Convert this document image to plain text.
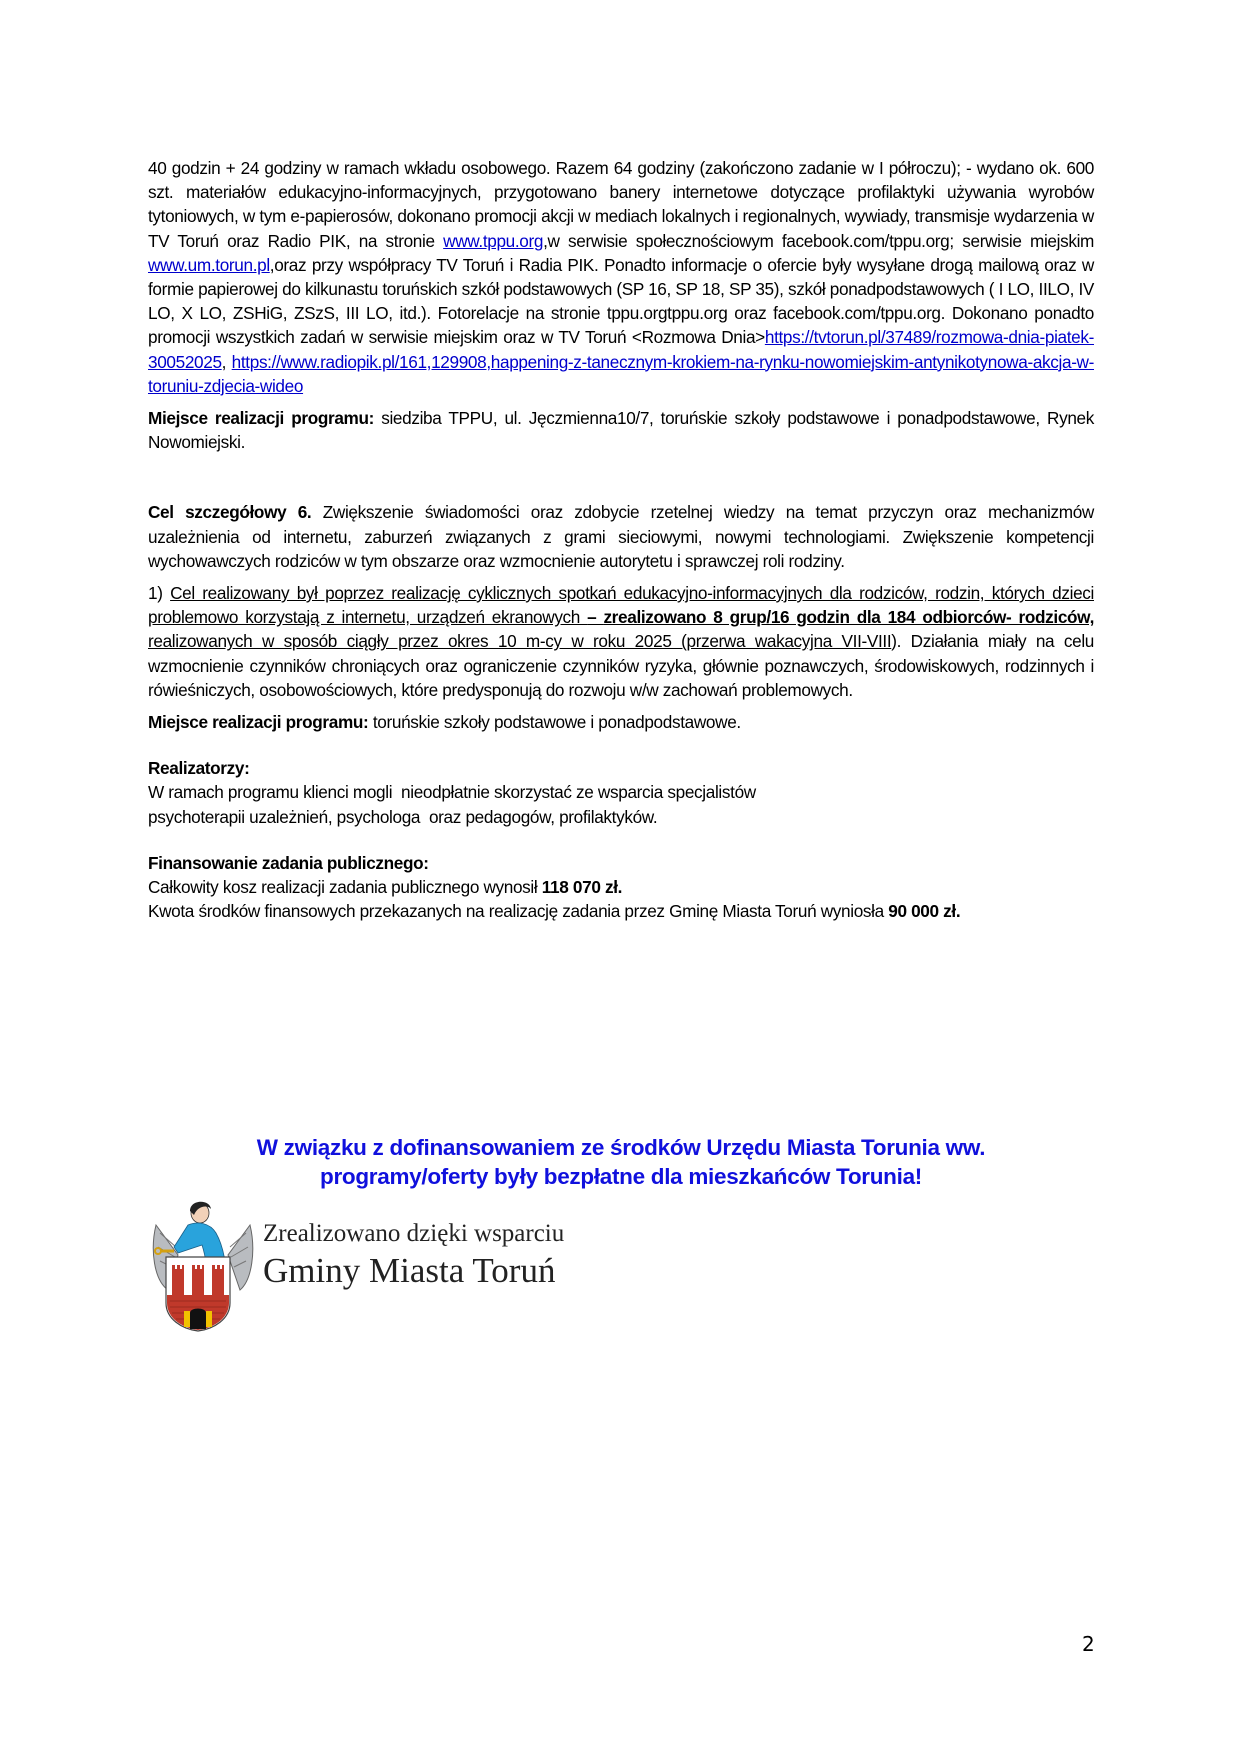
40 godzin + 24 godziny w ramach wkładu osobowego. Razem 64 godziny (zakończono zadanie w I półroczu); - wydano ok. 600 szt. materiałów edukacyjno-informacyjnych, przygotowano banery internetowe dotyczące profilaktyki używania wyrobów tytoniowych, w tym e-papierosów, dokonano promocji akcji w mediach lokalnych i regionalnych, wywiady, transmisje wydarzenia w TV Toruń oraz Radio PIK, na stronie www.tppu.org,w serwisie społecznościowym facebook.com/tppu.org; serwisie miejskim www.um.torun.pl,oraz przy współpracy TV Toruń i Radia PIK. Ponadto informacje o ofercie były wysyłane drogą mailową oraz w formie papierowej do kilkunastu toruńskich szkół podstawowych (SP 16, SP 18, SP 35), szkół ponadpodstawowych ( I LO, IILO, IV LO, X LO, ZSHiG, ZSzS, III LO, itd.). Fotorelacje na stronie tppu.orgtppu.org oraz facebook.com/tppu.org. Dokonano ponadto promocji wszystkich zadań w serwisie miejskim oraz w TV Toruń <Rozmowa Dnia>https://tvtorun.pl/37489/rozmowa-dnia-piatek-30052025, https://www.radiopik.pl/161,129908,happening-z-tanecznym-krokiem-na-rynku-nowomiejskim-antynikotynowa-akcja-w-toruniu-zdjecia-wideo

Miejsce realizacji programu: siedziba TPPU, ul. Jęczmienna10/7, toruńskie szkoły podstawowe i ponadpodstawowe, Rynek Nowomiejski.

Cel szczegółowy 6. Zwiększenie świadomości oraz zdobycie rzetelnej wiedzy na temat przyczyn oraz mechanizmów uzależnienia od internetu, zaburzeń związanych z grami sieciowymi, nowymi technologiami. Zwiększenie kompetencji wychowawczych rodziców w tym obszarze oraz wzmocnienie autorytetu i sprawczej roli rodziny.

1) Cel realizowany był poprzez realizację cyklicznych spotkań edukacyjno-informacyjnych dla rodziców, rodzin, których dzieci problemowo korzystają z internetu, urządzeń ekranowych – zrealizowano 8 grup/16 godzin dla 184 odbiorców- rodziców, realizowanych w sposób ciągły przez okres 10 m-cy w roku 2025 (przerwa wakacyjna VII-VIII). Działania miały na celu wzmocnienie czynników chroniących oraz ograniczenie czynników ryzyka, głównie poznawczych, środowiskowych, rodzinnych i rówieśniczych, osobowościowych, które predysponują do rozwoju w/w zachowań problemowych.

Miejsce realizacji programu: toruńskie szkoły podstawowe i ponadpodstawowe.

Realizatorzy:
W ramach programu klienci mogli  nieodpłatnie skorzystać ze wsparcia specjalistów
psychoterapii uzależnień, psychologa  oraz pedagogów, profilaktyków.
Finansowanie zadania publicznego:
Całkowity kosz realizacji zadania publicznego wynosił 118 070 zł.
Kwota środków finansowych przekazanych na realizację zadania przez Gminę Miasta Toruń wyniosła 90 000 zł.
W związku z dofinansowaniem ze środków Urzędu Miasta Torunia ww.
programy/oferty były bezpłatne dla mieszkańców Torunia!
Zrealizowano dzięki wsparciu
Gminy Miasta Toruń
2
